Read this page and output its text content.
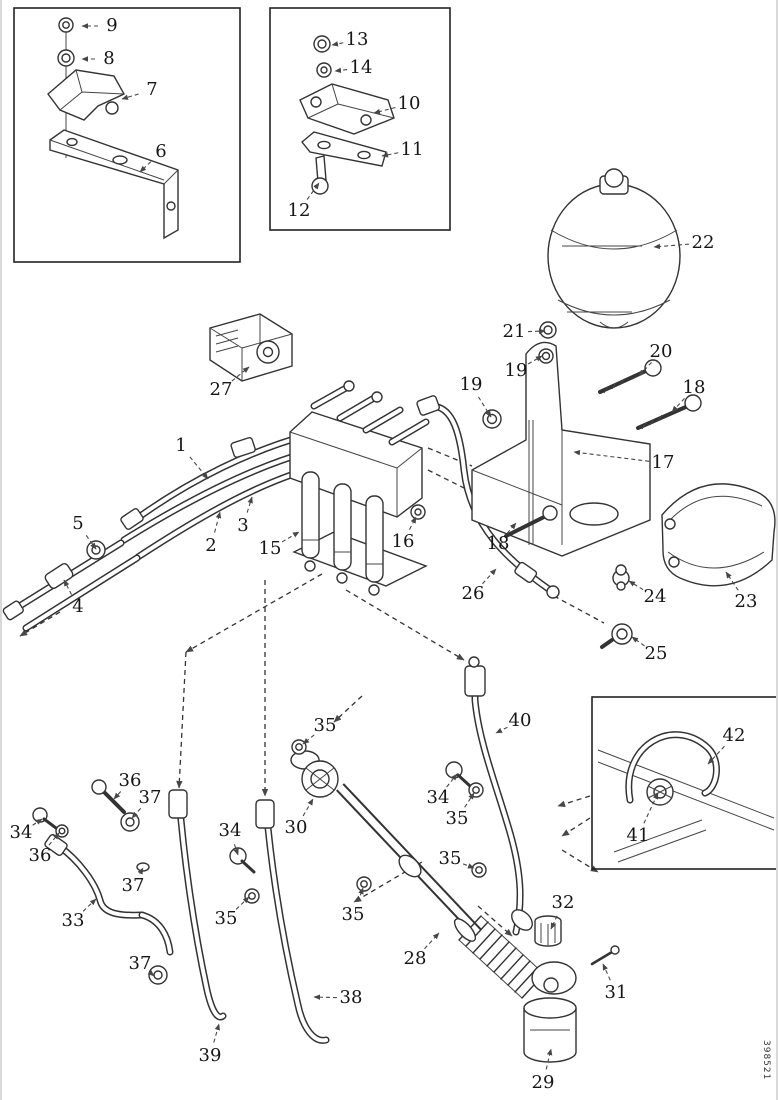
9
8
7
6
13
14
10
11
12
22
27
1
2
3
15	16
5
4
21
19
20
18
19
17
18
26	24	23
25
40
42
41
35
30
34
35
35
35
36
37
34
36
37
33
37
35
34
28
38
39
32
31
29
398521
